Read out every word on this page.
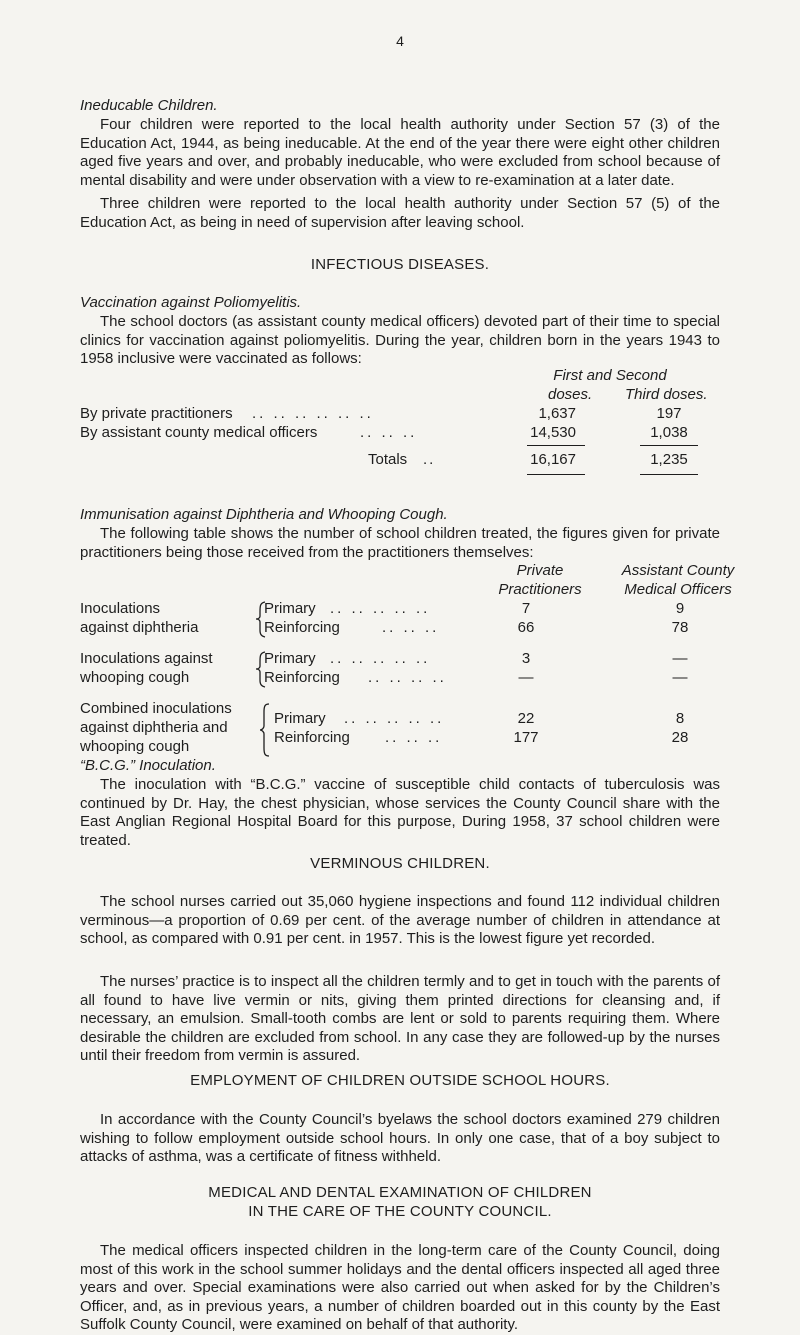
4
Ineducable Children.
Four children were reported to the local health authority under Section 57 (3) of the Education Act, 1944, as being ineducable. At the end of the year there were eight other children aged five years and over, and probably ineducable, who were excluded from school because of mental disability and were under observation with a view to re-examination at a later date.
Three children were reported to the local health authority under Section 57 (5) of the Education Act, as being in need of supervision after leaving school.
INFECTIOUS DISEASES.
Vaccination against Poliomyelitis.
The school doctors (as assistant county medical officers) devoted part of their time to special clinics for vaccination against poliomyelitis. During the year, children born in the years 1943 to 1958 inclusive were vaccinated as follows:
First and Second
doses. Third doses.
By private practitioners .. .. .. .. .. ..	1,637	197
By assistant county medical officers	.. .. ..	14,530	1,038
Totals ..	16,167	1,235
Immunisation against Diphtheria and Whooping Cough.
The following table shows the number of school children treated, the figures given for private practitioners being those received from the practitioners themselves:
Private
Practitioners
Assistant County
Medical Officers
Inoculations
against diphtheria
Primary .. .. .. .. ..	7	9
Reinforcing	.. .. ..	66	78
Inoculations against
whooping cough
Primary .. .. .. .. ..	3	—
Reinforcing .. .. .. ..	—	—
Combined inoculations
against diphtheria and
whooping cough
Primary .. .. .. .. ..	22	8
Reinforcing .. .. ..	177	28
“B.C.G.” Inoculation.
The inoculation with “B.C.G.” vaccine of susceptible child contacts of tuberculosis was continued by Dr. Hay, the chest physician, whose services the County Council share with the East Anglian Regional Hospital Board for this purpose, During 1958, 37 school children were treated.
VERMINOUS CHILDREN.
The school nurses carried out 35,060 hygiene inspections and found 112 individual children verminous—a proportion of 0.69 per cent. of the average number of children in attendance at school, as compared with 0.91 per cent. in 1957. This is the lowest figure yet recorded.
The nurses’ practice is to inspect all the children termly and to get in touch with the parents of all found to have live vermin or nits, giving them printed directions for cleansing and, if necessary, an emulsion. Small-tooth combs are lent or sold to parents requiring them. Where desirable the children are excluded from school. In any case they are followed-up by the nurses until their freedom from vermin is assured.
EMPLOYMENT OF CHILDREN OUTSIDE SCHOOL HOURS.
In accordance with the County Council’s byelaws the school doctors examined 279 children wishing to follow employment outside school hours. In only one case, that of a boy subject to attacks of asthma, was a certificate of fitness withheld.
MEDICAL AND DENTAL EXAMINATION OF CHILDREN
IN THE CARE OF THE COUNTY COUNCIL.
The medical officers inspected children in the long-term care of the County Council, doing most of this work in the school summer holidays and the dental officers inspected all aged three years and over. Special examinations were also carried out when asked for by the Children’s Officer, and, as in previous years, a number of children boarded out in this county by the East Suffolk County Council, were examined on behalf of that authority.
